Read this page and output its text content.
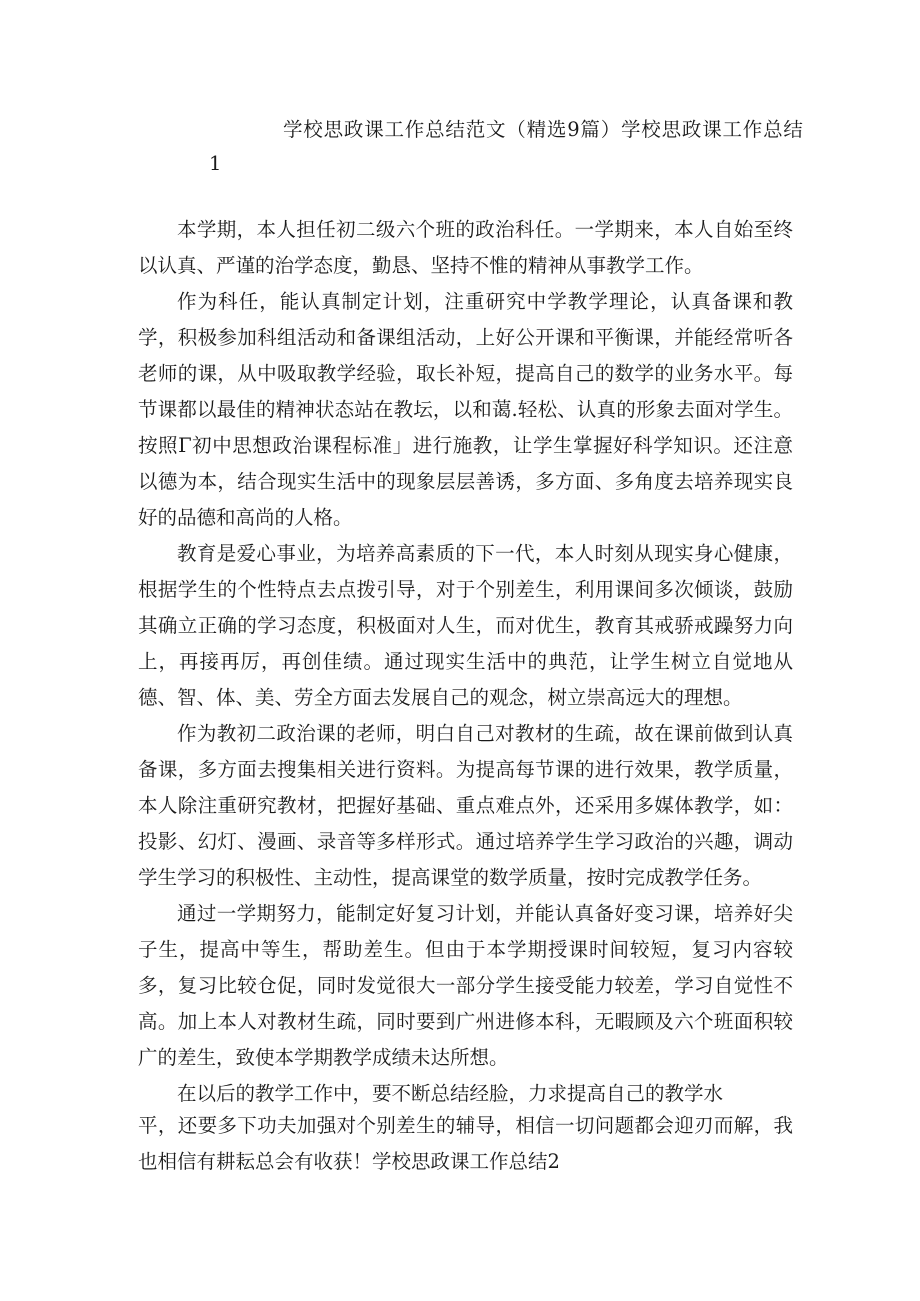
学校思政课工作总结范文（精选9篇）学校思政课工作总结
1

本学期，本人担任初二级六个班的政治科任。一学期来，本人自始至终以认真、严谨的治学态度，勤恳、坚持不惟的精神从事教学工作。

作为科任，能认真制定计划，注重研究中学教学理论，认真备课和教学，积极参加科组活动和备课组活动，上好公开课和平衡课，并能经常听各老师的课，从中吸取教学经验，取长补短，提高自己的数学的业务水平。每节课都以最佳的精神状态站在教坛，以和蔼.轻松、认真的形象去面对学生。按照Γ初中思想政治课程标准」进行施教，让学生掌握好科学知识。还注意以德为本，结合现实生活中的现象层层善诱，多方面、多角度去培养现实良好的品德和高尚的人格。

教育是爱心事业，为培养高素质的下一代，本人时刻从现实身心健康，根据学生的个性特点去点拨引导，对于个别差生，利用课间多次倾谈，鼓励其确立正确的学习态度，积极面对人生，而对优生，教育其戒骄戒躁努力向上，再接再厉，再创佳绩。通过现实生活中的典范，让学生树立自觉地从德、智、体、美、劳全方面去发展自己的观念，树立崇高远大的理想。

作为教初二政治课的老师，明白自己对教材的生疏，故在课前做到认真备课，多方面去搜集相关进行资料。为提高每节课的进行效果，教学质量，本人除注重研究教材，把握好基础、重点难点外，还采用多媒体教学，如：投影、幻灯、漫画、录音等多样形式。通过培养学生学习政治的兴趣，调动学生学习的积极性、主动性，提高课堂的数学质量，按时完成教学任务。

通过一学期努力，能制定好复习计划，并能认真备好变习课，培养好尖子生，提高中等生，帮助差生。但由于本学期授课时间较短，复习内容较多，复习比较仓促，同时发觉很大一部分学生接受能力较差，学习自觉性不高。加上本人对教材生疏，同时要到广州进修本科，无暇顾及六个班面积较广的差生，致使本学期教学成绩未达所想。

在以后的教学工作中，要不断总结经脸，力求提高自己的教学水

平，还要多下功夫加强对个别差生的辅导，相信一切问题都会迎刃而解，我也相信有耕耘总会有收获！学校思政课工作总结2
